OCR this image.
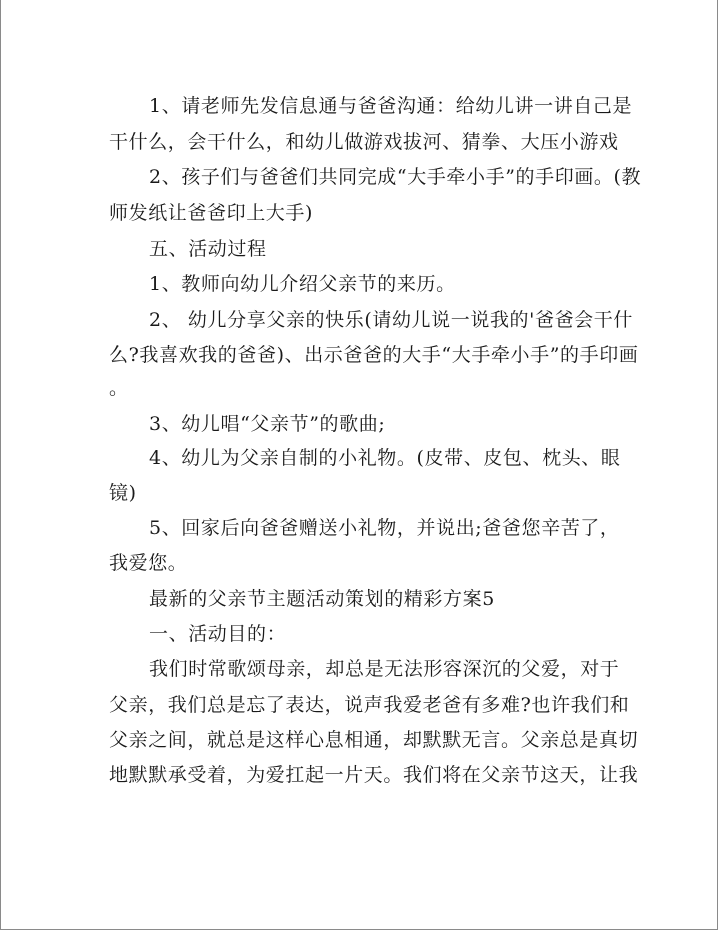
1、请老师先发信息通与爸爸沟通：给幼儿讲一讲自己是
干什么，会干什么，和幼儿做游戏拔河、猜拳、大压小游戏
2、孩子们与爸爸们共同完成“大手牵小手”的手印画。(教
师发纸让爸爸印上大手)
五、活动过程
1、教师向幼儿介绍父亲节的来历。
2、 幼儿分享父亲的快乐(请幼儿说一说我的'爸爸会干什
么?我喜欢我的爸爸)、出示爸爸的大手“大手牵小手”的手印画
。
3、幼儿唱“父亲节”的歌曲;
4、幼儿为父亲自制的小礼物。(皮带、皮包、枕头、眼
镜)
5、回家后向爸爸赠送小礼物，并说出;爸爸您辛苦了，
我爱您。
最新的父亲节主题活动策划的精彩方案5
一、活动目的：
我们时常歌颂母亲，却总是无法形容深沉的父爱，对于
父亲，我们总是忘了表达，说声我爱老爸有多难?也许我们和
父亲之间，就总是这样心息相通，却默默无言。父亲总是真切
地默默承受着，为爱扛起一片天。我们将在父亲节这天，让我
